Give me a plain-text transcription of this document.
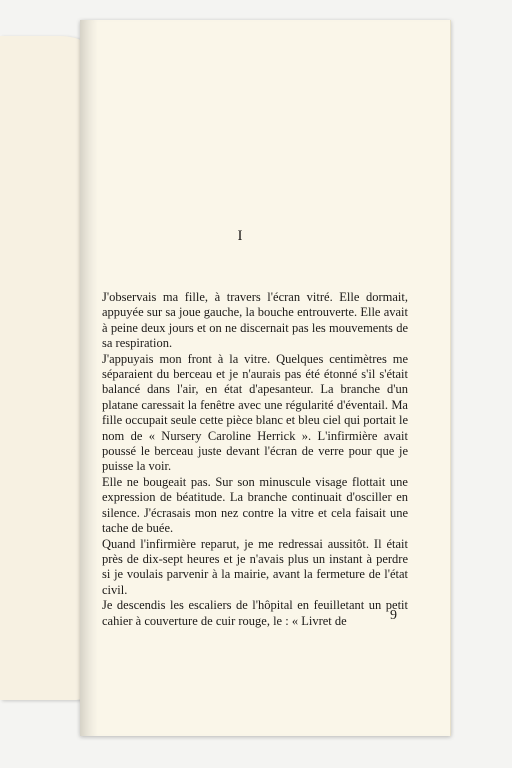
I

J'observais ma fille, à travers l'écran vitré. Elle dormait, appuyée sur sa joue gauche, la bouche entrouverte. Elle avait à peine deux jours et on ne discernait pas les mouvements de sa respiration.

J'appuyais mon front à la vitre. Quelques centimètres me séparaient du berceau et je n'aurais pas été étonné s'il s'était balancé dans l'air, en état d'apesanteur. La branche d'un platane caressait la fenêtre avec une régularité d'éventail. Ma fille occupait seule cette pièce blanc et bleu ciel qui portait le nom de « Nursery Caroline Herrick ». L'infirmière avait poussé le berceau juste devant l'écran de verre pour que je puisse la voir.

Elle ne bougeait pas. Sur son minuscule visage flottait une expression de béatitude. La branche continuait d'osciller en silence. J'écrasais mon nez contre la vitre et cela faisait une tache de buée.

Quand l'infirmière reparut, je me redressai aussitôt. Il était près de dix-sept heures et je n'avais plus un instant à perdre si je voulais parvenir à la mairie, avant la fermeture de l'état civil.

Je descendis les escaliers de l'hôpital en feuilletant un petit cahier à couverture de cuir rouge, le : « Livret de	9
